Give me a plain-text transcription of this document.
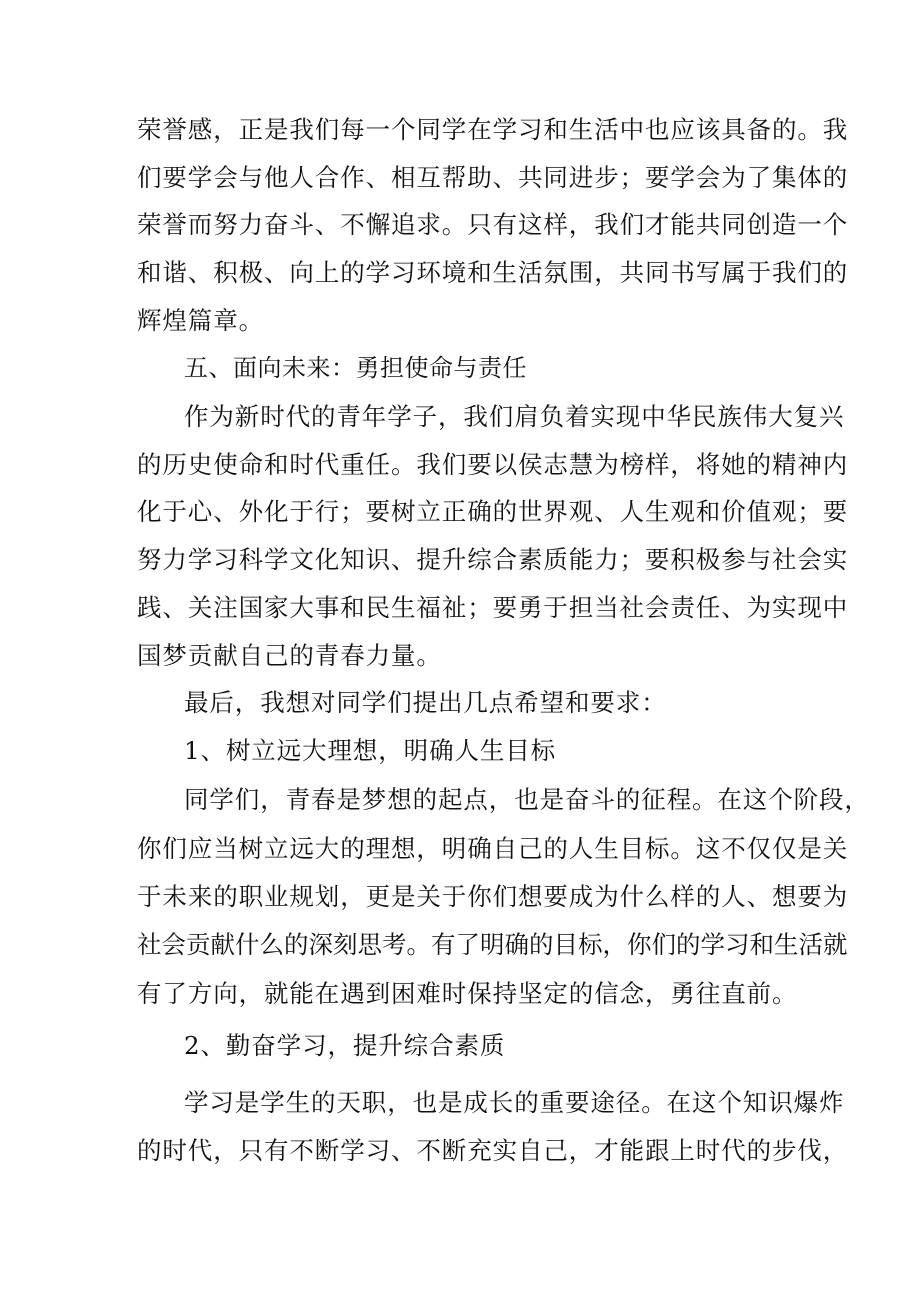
荣誉感，正是我们每一个同学在学习和生活中也应该具备的。我
们要学会与他人合作、相互帮助、共同进步；要学会为了集体的
荣誉而努力奋斗、不懈追求。只有这样，我们才能共同创造一个
和谐、积极、向上的学习环境和生活氛围，共同书写属于我们的
辉煌篇章。
五、面向未来：勇担使命与责任
作为新时代的青年学子，我们肩负着实现中华民族伟大复兴
的历史使命和时代重任。我们要以侯志慧为榜样，将她的精神内
化于心、外化于行；要树立正确的世界观、人生观和价值观；要
努力学习科学文化知识、提升综合素质能力；要积极参与社会实
践、关注国家大事和民生福祉；要勇于担当社会责任、为实现中
国梦贡献自己的青春力量。
最后，我想对同学们提出几点希望和要求：
1、树立远大理想，明确人生目标
同学们，青春是梦想的起点，也是奋斗的征程。在这个阶段，
你们应当树立远大的理想，明确自己的人生目标。这不仅仅是关
于未来的职业规划，更是关于你们想要成为什么样的人、想要为
社会贡献什么的深刻思考。有了明确的目标，你们的学习和生活就
有了方向，就能在遇到困难时保持坚定的信念，勇往直前。
2、勤奋学习，提升综合素质
学习是学生的天职，也是成长的重要途径。在这个知识爆炸
的时代，只有不断学习、不断充实自己，才能跟上时代的步伐，
